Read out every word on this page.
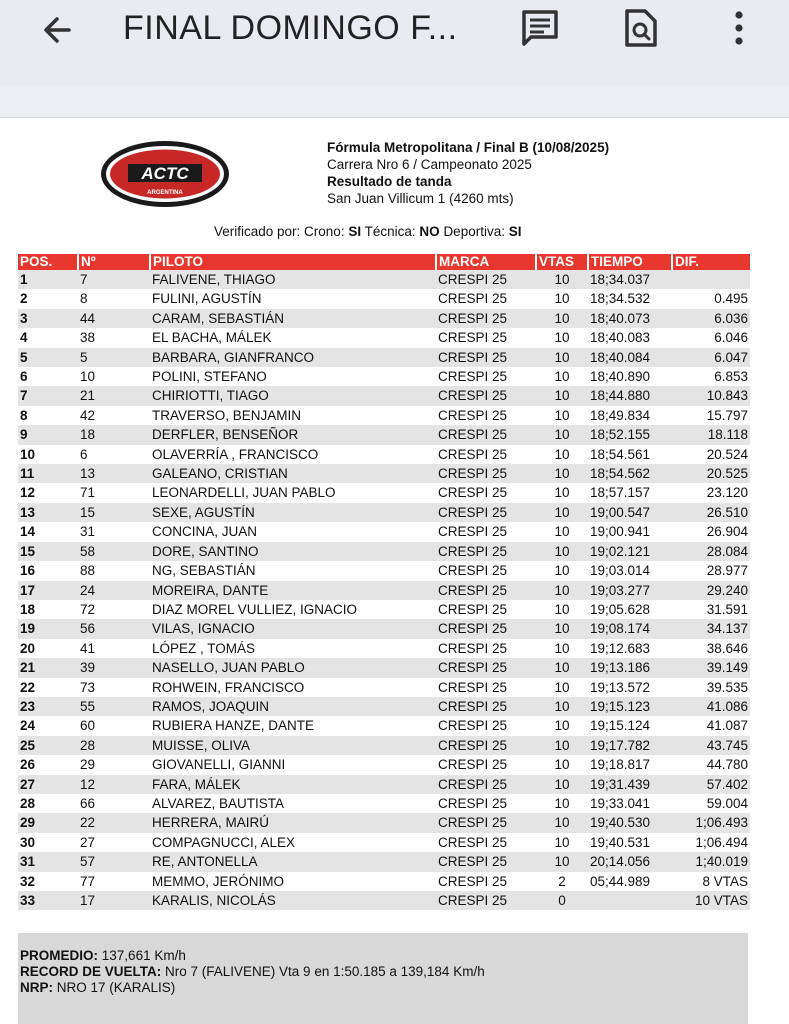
FINAL DOMINGO F...
ACTC
ARGENTINA
Fórmula Metropolitana / Final B (10/08/2025)
Carrera Nro 6 / Campeonato 2025
Resultado de tanda
San Juan Villicum 1 (4260 mts)
Verificado por: Crono: SI Técnica: NO Deportiva: SI
POS.	Nº	PILOTO	MARCA	VTAS	TIEMPO	DIF.
1	7	FALIVENE, THIAGO	CRESPI 25	10	18;34.037	
2	8	FULINI, AGUSTÍN	CRESPI 25	10	18;34.532	0.495
3	44	CARAM, SEBASTIÁN	CRESPI 25	10	18;40.073	6.036
4	38	EL BACHA, MÁLEK	CRESPI 25	10	18;40.083	6.046
5	5	BARBARA, GIANFRANCO	CRESPI 25	10	18;40.084	6.047
6	10	POLINI, STEFANO	CRESPI 25	10	18;40.890	6.853
7	21	CHIRIOTTI, TIAGO	CRESPI 25	10	18;44.880	10.843
8	42	TRAVERSO, BENJAMIN	CRESPI 25	10	18;49.834	15.797
9	18	DERFLER, BENSEÑOR	CRESPI 25	10	18;52.155	18.118
10	6	OLAVERRÍA , FRANCISCO	CRESPI 25	10	18;54.561	20.524
11	13	GALEANO, CRISTIAN	CRESPI 25	10	18;54.562	20.525
12	71	LEONARDELLI, JUAN PABLO	CRESPI 25	10	18;57.157	23.120
13	15	SEXE, AGUSTÍN	CRESPI 25	10	19;00.547	26.510
14	31	CONCINA, JUAN	CRESPI 25	10	19;00.941	26.904
15	58	DORE, SANTINO	CRESPI 25	10	19;02.121	28.084
16	88	NG, SEBASTIÁN	CRESPI 25	10	19;03.014	28.977
17	24	MOREIRA, DANTE	CRESPI 25	10	19;03.277	29.240
18	72	DIAZ MOREL VULLIEZ, IGNACIO	CRESPI 25	10	19;05.628	31.591
19	56	VILAS, IGNACIO	CRESPI 25	10	19;08.174	34.137
20	41	LÓPEZ , TOMÁS	CRESPI 25	10	19;12.683	38.646
21	39	NASELLO, JUAN PABLO	CRESPI 25	10	19;13.186	39.149
22	73	ROHWEIN, FRANCISCO	CRESPI 25	10	19;13.572	39.535
23	55	RAMOS, JOAQUIN	CRESPI 25	10	19;15.123	41.086
24	60	RUBIERA HANZE, DANTE	CRESPI 25	10	19;15.124	41.087
25	28	MUISSE, OLIVA	CRESPI 25	10	19;17.782	43.745
26	29	GIOVANELLI, GIANNI	CRESPI 25	10	19;18.817	44.780
27	12	FARA, MÁLEK	CRESPI 25	10	19;31.439	57.402
28	66	ALVAREZ, BAUTISTA	CRESPI 25	10	19;33.041	59.004
29	22	HERRERA, MAIRÚ	CRESPI 25	10	19;40.530	1;06.493
30	27	COMPAGNUCCI, ALEX	CRESPI 25	10	19;40.531	1;06.494
31	57	RE, ANTONELLA	CRESPI 25	10	20;14.056	1;40.019
32	77	MEMMO, JERÓNIMO	CRESPI 25	2	05;44.989	8 VTAS
33	17	KARALIS, NICOLÁS	CRESPI 25	0		10 VTAS
PROMEDIO: 137,661 Km/h
RECORD DE VUELTA: Nro 7 (FALIVENE) Vta 9 en 1:50.185 a 139,184 Km/h
NRP: NRO 17 (KARALIS)
